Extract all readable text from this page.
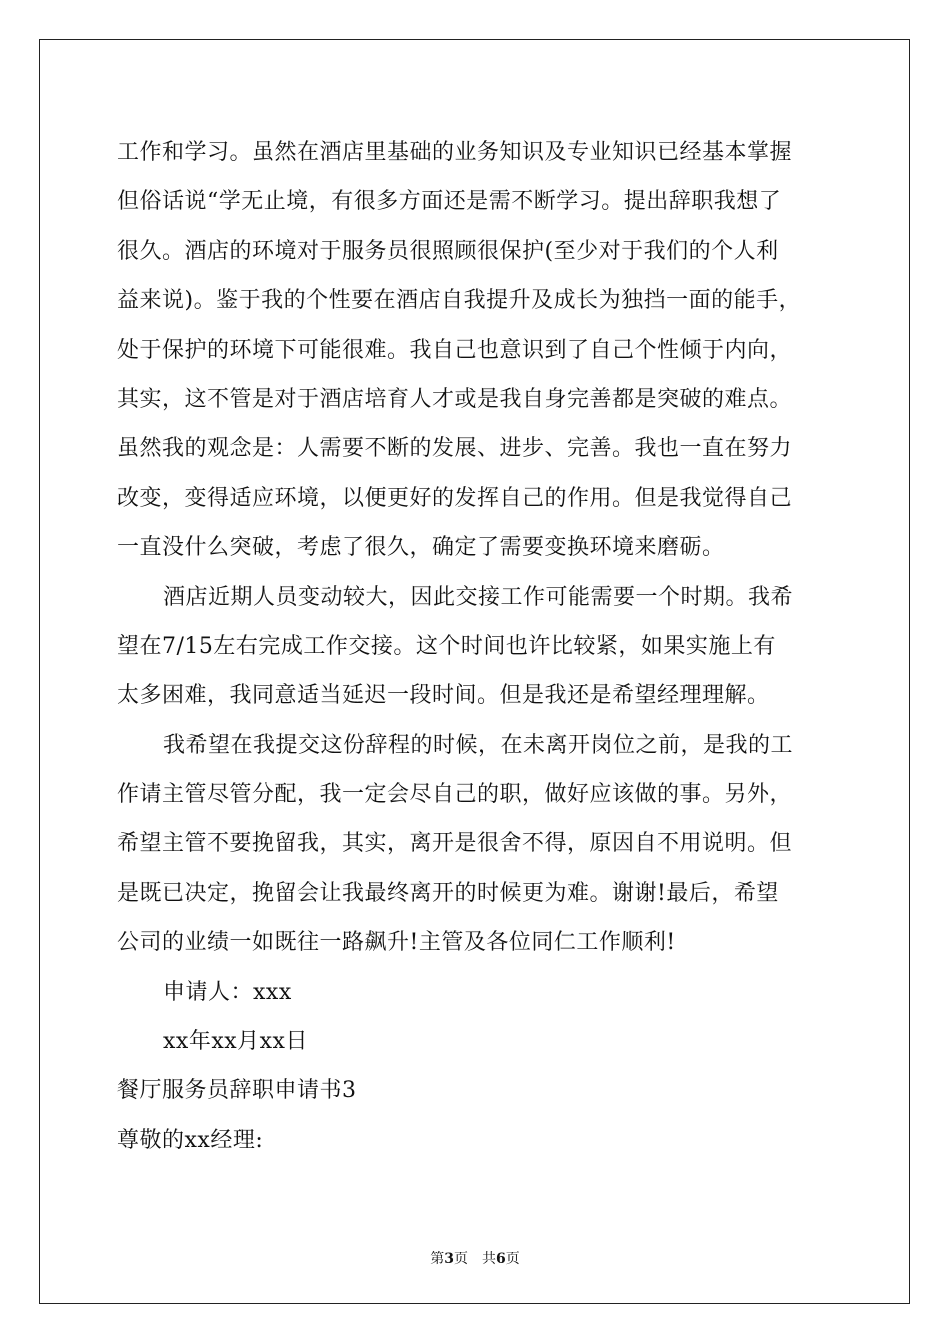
工作和学习。虽然在酒店里基础的业务知识及专业知识已经基本掌握
但俗话说“学无止境，有很多方面还是需不断学习。提出辞职我想了
很久。酒店的环境对于服务员很照顾很保护(至少对于我们的个人利
益来说)。鉴于我的个性要在酒店自我提升及成长为独挡一面的能手，
处于保护的环境下可能很难。我自己也意识到了自己个性倾于内向，
其实，这不管是对于酒店培育人才或是我自身完善都是突破的难点。
虽然我的观念是：人需要不断的发展、进步、完善。我也一直在努力
改变，变得适应环境，以便更好的发挥自己的作用。但是我觉得自己
一直没什么突破，考虑了很久，确定了需要变换环境来磨砺。
酒店近期人员变动较大，因此交接工作可能需要一个时期。我希
望在7/15左右完成工作交接。这个时间也许比较紧，如果实施上有
太多困难，我同意适当延迟一段时间。但是我还是希望经理理解。
我希望在我提交这份辞程的时候，在未离开岗位之前，是我的工
作请主管尽管分配，我一定会尽自己的职，做好应该做的事。另外，
希望主管不要挽留我，其实，离开是很舍不得，原因自不用说明。但
是既已决定，挽留会让我最终离开的时候更为难。谢谢!最后，希望
公司的业绩一如既往一路飙升!主管及各位同仁工作顺利!
申请人：xxx
xx年xx月xx日
餐厅服务员辞职申请书3
尊敬的xx经理:
第3页 共6页
